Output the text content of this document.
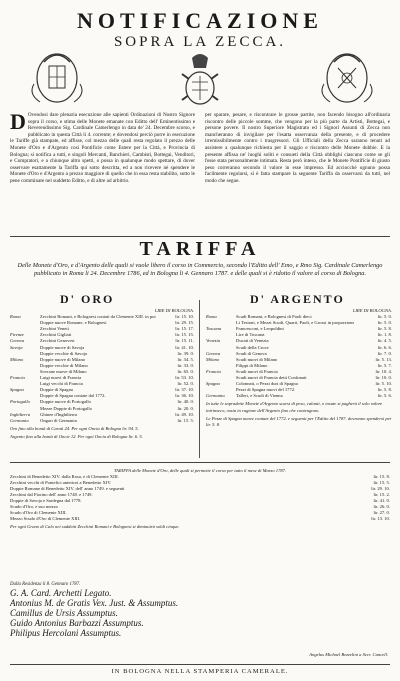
NOTIFICAZIONE
SOPRA LA ZECCA.
D Ovendosi dare plenaria esecuzione alle sapienti Ordinazioni di Nostro Signore sopra il corso, e stima delle Monete emanate con Editto dell' Eminentissimo e Reverendissimo Sig. Cardinale Camerlengo in data de' 24. Decembre scorso, e pubblicato in questa Città li 4. corrente; e dovendosi perciò porre in esecuzione le Tariffe già stampate, ed affisse, col mezzo delle quali resta regolato il prezzo delle Monete d'Oro e d'Argento così Pontificie come Estere per la Città, e Provincia di Bologna; si notifica a tutti, e singoli Mercanti, Banchieri, Cambisti, Bottegai, Venditori, e Compratori, e a chiunque altro spetti, o possa in qualunque modo spettare, di dover osservare esattamente la Tariffa qui sotto descritta, ed a non ricevere nè spendere le Monete d'Oro e d'Argento a prezzo maggiore di quello che in essa resta stabilito, sotto le pene comminate nel suddetto Editto, e di altre ad arbitrio.
per sparare, pesare, e riscontrare le grosse partite, non facendo bisogno all'ordinaria riscontro delle piccole somme, che vengono per la più parte da Artisti, Bottegai, e persone povere. Il nostro Superiore Magistrato ed i Signori Assunti di Zecca non mancheranno di invigilare per l'esatta osservanza della presente, e di procedere irremissibilmente contro i trasgressori. Gli Ufficiali della Zecca saranno tenuti ad assistere a qualunque richiesta per il saggio e riscontro delle Monete dubbie. E la presente affissa ne' luoghi soliti e consueti della Città obblighi ciascuno come se gli fosse stata personalmente intimata. Resta però inteso, che le Monete Pontificie di giusto peso correranno secondo il valore in esse impresso. Ed acciocchè ognuno possa facilmente regolarsi, si è fatta stampare la seguente Tariffa da osservarsi da tutti, nel modo che segue.
TARIFFA
Delle Monete d'Oro, e d'Argento delle quali si vuole libero il corso in Commercio, secondo l'Editto dell' Emo, e Rmo Sig. Cardinale Camerlengo pubblicato in Roma li 24. Decembre 1786, ed in Bologna li 4. Gennaro 1787. e delle quali si è ridotto il valore al corso di Bologna.
D' ORO	D' ARGENTO
LIRE DI BOLOGNA.
Roma	Zecchini Romani, e Bolognesi coniati da Clemente XIII. in poi	lir. 15. 10.
Doppie nuove Romane, e Bolognesi	lir. 29. 15.
Zecchini Veneti	lir. 15. 17.
Firenze	Zecchini Gigliati	lir. 15. 15.
Genova	Zecchini Genovesi	lir. 15. 11.
Savoja	Doppie nuove di Savoja	lir. 41. 10.
Doppie vecchie di Savoja	lir. 39. 0.
Milano	Doppie nuove di Milano	lir. 34. 5.
Doppie vecchie di Milano	lir. 33. 0.
Sovrane nuove di Milano	lir. 65. 0.
Francia	Luigi nuovi di Francia	lir. 53. 10.
Luigi vecchi di Francia	lir. 52. 0.
Spagna	Doppie di Spagna	lir. 37. 10.
Doppie di Spagna coniate dal 1772.	lir. 36. 10.
Portogallo	Doppie nuove di Portogallo	lir. 40. 0.
Mezze Doppie di Portogallo	lir. 20. 0.
Inghilterra	Ghinee d'Inghilterra	lir. 49. 10.
Germania	Ongari di Germania	lir. 15. 5.
Oro fino alla bontà di Carati 24. Per ogni Oncia di Bologna lir. 94. 5.
Argento fino alla bontà di Oncie 12. Per ogni Oncia di Bologna lir. 6. 5.
LIRE DI BOLOGNA.
Roma	Scudi Romani, e Bolognesi di Paoli dieci	lir. 5. 0.
Li Testoni, e Mezzi Scudi, Quarti, Paoli, e Grossi in proporzione	lir. 5. 0.
Toscana	Francesconi, e Leopoldini	lir. 5. 8.
Lire di Toscana	lir. 1. 8.
Venezia	Ducati di Venezia	lir. 4. 5.
Scudi della Croce	lir. 6. 6.
Genova	Scudi di Genova	lir. 7. 0.
Milano	Scudi nuovi di Milano	lir. 5. 13.
Filippi di Milano	lir. 5. 7.
Francia	Scudi nuovi di Francia	lir. 10. 4.
Scudi nuovi di Francia detti Cordonati	lir. 10. 0.
Spagna	Colonnati, o Pezzi duri di Spagna	lir. 5. 10.
Pezzi di Spagna nuovi del 1772.	lir. 5. 8.
Germania	Talleri, e Scudi di Vienna	lir. 5. 6.
In tutte le sopradette Monete d'Argento scarsi di peso, calanti, o tosate si pagherà il solo valore intrinseco, ossia in ragione dell'Argento fino che contengono.
Le Pezze di Spagna nuove coniate del 1772. e seguenti per l'Editto del 1787. dovranno spendersi per lir. 5. 8.
TARIFFA delle Monete d'Oro, delle quali si permette il corso per tutto il mese di Marzo 1787.
Zecchini di Benedetto XIV. dalla Rosa, e di Clemente XIII.	lir. 15. 8.
Zecchini vecchi di Pontefici anteriori a Benedetto XIV.	lir. 15. 5.
Doppie Romane di Benedetto XIV. dell' anno 1749. e seguenti	lir. 29. 10.
Zecchini dal Fiorino dell' anno 1748. e 1749.	lir. 15. 2.
Doppie di Savoja e Sardegna dal 1778.	lir. 41. 0.
Scudo d'Oro, e suo mezzo	lir. 26. 0.
Scudo d'Oro di Clemente XIII.	lir. 27. 0.
Mezzo Scudo d'Oro di Clemente XIII.	lir. 13. 10.
Per ogni Grano di Calo nei suddetti Zecchini Romani e Bolognesi si diminuirà soldi cinque.
Dalla Residenza li 8. Gennaro 1787.
G. A. Card. Archetti Legato.
Antonius M. de Gratis Vex. Just. & Assumptus.
Camillus de Ursis Assumptus.
Guido Antonius Barbazzi Assumptus.
Philipus Hercolani Assumptus.
Angelus Michael Bezzelini a Secr. Cancell.
IN BOLOGNA NELLA STAMPERIA CAMERALE.
